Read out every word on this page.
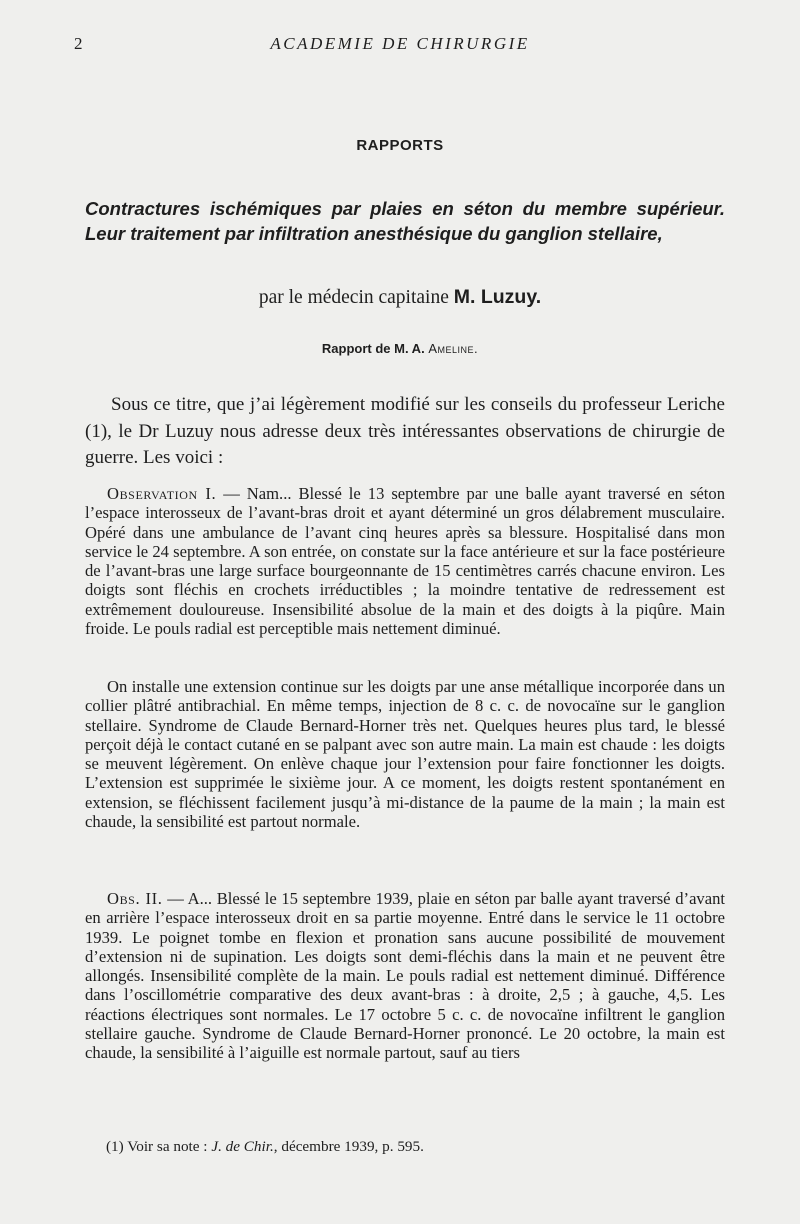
2	ACADEMIE DE CHIRURGIE
RAPPORTS

Contractures ischémiques par plaies en séton du membre supérieur. Leur traitement par infiltration anesthésique du ganglion stellaire,

par le médecin capitaine M. Luzuy.
Rapport de M. A. Ameline.

Sous ce titre, que j’ai légèrement modifié sur les conseils du professeur Leriche (1), le Dr Luzuy nous adresse deux très intéressantes observations de chirurgie de guerre. Les voici :

Observation I. — Nam... Blessé le 13 septembre par une balle ayant traversé en séton l’espace interosseux de l’avant-bras droit et ayant déterminé un gros délabrement musculaire. Opéré dans une ambulance de l’avant cinq heures après sa blessure. Hospitalisé dans mon service le 24 septembre. A son entrée, on constate sur la face antérieure et sur la face postérieure de l’avant-bras une large surface bourgeonnante de 15 centimètres carrés chacune environ. Les doigts sont fléchis en crochets irréductibles ; la moindre tentative de redressement est extrêmement douloureuse. Insensibilité absolue de la main et des doigts à la piqûre. Main froide. Le pouls radial est perceptible mais nettement diminué.

On installe une extension continue sur les doigts par une anse métallique incorporée dans un collier plâtré antibrachial. En même temps, injection de 8 c. c. de novocaïne sur le ganglion stellaire. Syndrome de Claude Bernard-Horner très net. Quelques heures plus tard, le blessé perçoit déjà le contact cutané en se palpant avec son autre main. La main est chaude : les doigts se meuvent légèrement. On enlève chaque jour l’extension pour faire fonctionner les doigts. L’extension est supprimée le sixième jour. A ce moment, les doigts restent spontanément en extension, se fléchissent facilement jusqu’à mi-distance de la paume de la main ; la main est chaude, la sensibilité est partout normale.

Obs. II. — A... Blessé le 15 septembre 1939, plaie en séton par balle ayant traversé d’avant en arrière l’espace interosseux droit en sa partie moyenne. Entré dans le service le 11 octobre 1939. Le poignet tombe en flexion et pronation sans aucune possibilité de mouvement d’extension ni de supination. Les doigts sont demi-fléchis dans la main et ne peuvent être allongés. Insensibilité complète de la main. Le pouls radial est nettement diminué. Différence dans l’oscillométrie comparative des deux avant-bras : à droite, 2,5 ; à gauche, 4,5. Les réactions électriques sont normales. Le 17 octobre 5 c. c. de novocaïne infiltrent le ganglion stellaire gauche. Syndrome de Claude Bernard-Horner prononcé. Le 20 octobre, la main est chaude, la sensibilité à l’aiguille est normale partout, sauf au tiers

(1) Voir sa note : J. de Chir., décembre 1939, p. 595.
